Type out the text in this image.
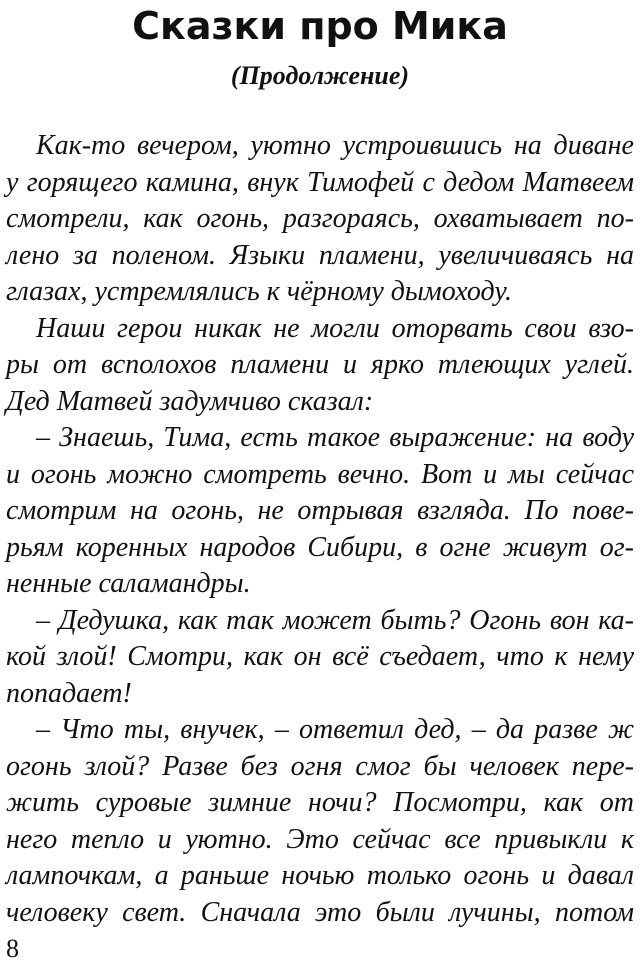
Сказки про Мика
(Продолжение)
Как-то вечером, уютно устроившись на диване
у горящего камина, внук Тимофей с дедом Матвеем
смотрели, как огонь, разгораясь, охватывает по-
лено за поленом. Языки пламени, увеличиваясь на
глазах, устремлялись к чёрному дымоходу.
Наши герои никак не могли оторвать свои взо-
ры от всполохов пламени и ярко тлеющих углей.
Дед Матвей задумчиво сказал:
– Знаешь, Тима, есть такое выражение: на воду
и огонь можно смотреть вечно. Вот и мы сейчас
смотрим на огонь, не отрывая взгляда. По пове-
рьям коренных народов Сибири, в огне живут ог-
ненные саламандры.
– Дедушка, как так может быть? Огонь вон ка-
кой злой! Смотри, как он всё съедает, что к нему
попадает!
– Что ты, внучек, – ответил дед, – да разве ж
огонь злой? Разве без огня смог бы человек пере-
жить суровые зимние ночи? Посмотри, как от
него тепло и уютно. Это сейчас все привыкли к
лампочкам, а раньше ночью только огонь и давал
человеку свет. Сначала это были лучины, потом
8
